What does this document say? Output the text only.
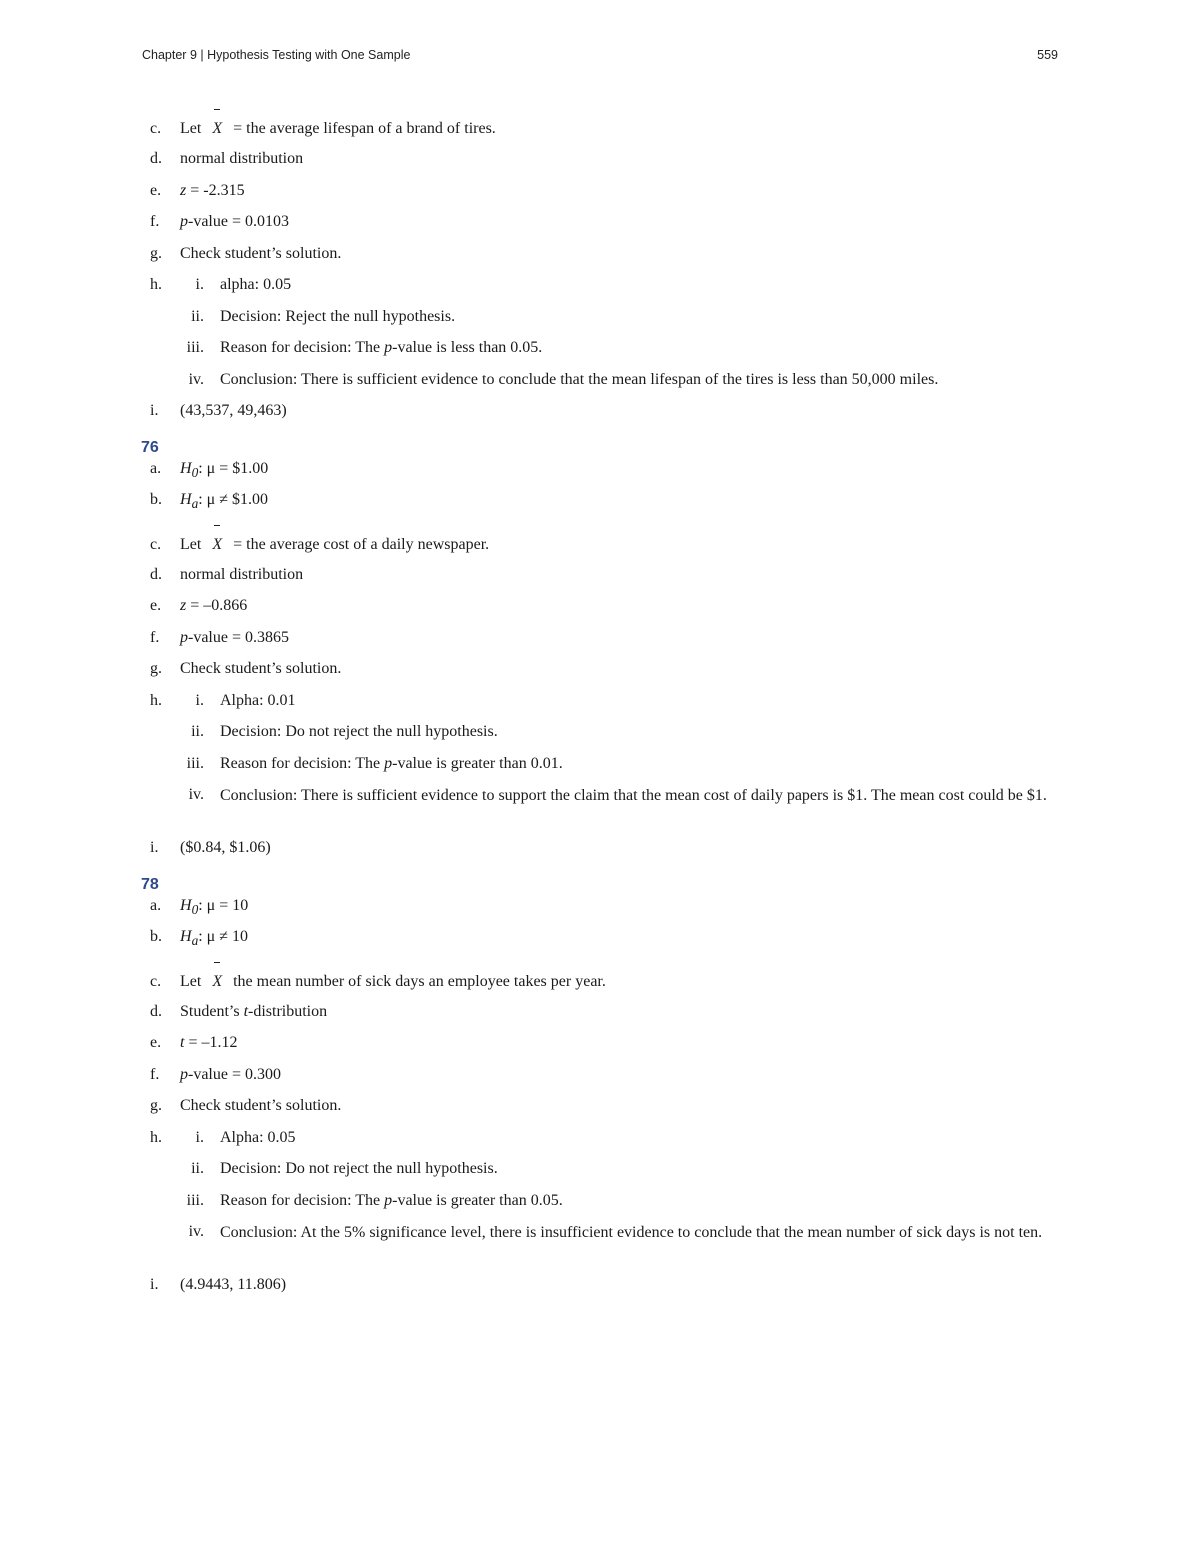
Chapter 9 | Hypothesis Testing with One Sample	559
c.	Let X = the average lifespan of a brand of tires.
d.	normal distribution
e.	z = -2.315
f.	p-value = 0.0103
g.	Check student’s solution.
h.	i. alpha: 0.05
ii. Decision: Reject the null hypothesis.
iii. Reason for decision: The p-value is less than 0.05.
iv. Conclusion: There is sufficient evidence to conclude that the mean lifespan of the tires is less than 50,000 miles.
i.	(43,537, 49,463)
76
a.	$H_0$: μ = $1.00
b.	$H_a$: μ ≠ $1.00
c.	Let X = the average cost of a daily newspaper.
d.	normal distribution
e.	z = –0.866
f.	p-value = 0.3865
g.	Check student’s solution.
h.	i. Alpha: 0.01
ii. Decision: Do not reject the null hypothesis.
iii. Reason for decision: The p-value is greater than 0.01.
iv. Conclusion: There is sufficient evidence to support the claim that the mean cost of daily papers is $1. The mean cost could be $1.
i.	($0.84, $1.06)
78
a.	$H_0$: μ = 10
b.	$H_a$: μ ≠ 10
c.	Let X the mean number of sick days an employee takes per year.
d.	Student’s t-distribution
e.	t = –1.12
f.	p-value = 0.300
g.	Check student’s solution.
h.	i. Alpha: 0.05
ii. Decision: Do not reject the null hypothesis.
iii. Reason for decision: The p-value is greater than 0.05.
iv. Conclusion: At the 5% significance level, there is insufficient evidence to conclude that the mean number of sick days is not ten.
i.	(4.9443, 11.806)
